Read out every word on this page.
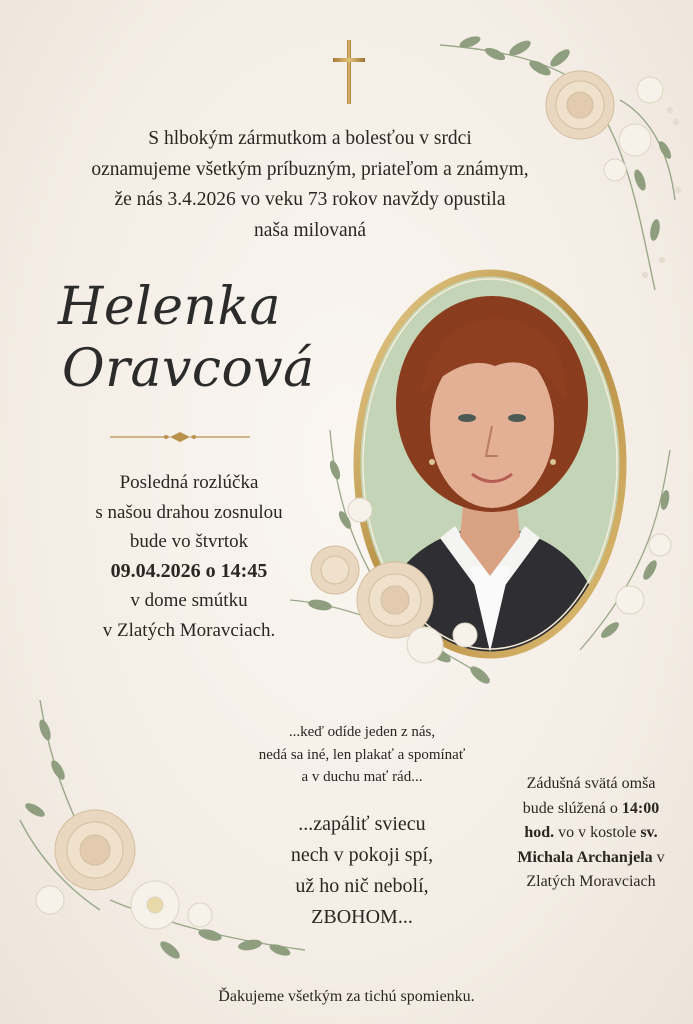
S hlbokým zármutkom a bolesťou v srdci
oznamujeme všetkým príbuzným, priateľom a známym,
že nás 3.4.2026 vo veku 73 rokov navždy opustila
naša milovaná
Helenka
Oravcová
Posledná rozlúčka
s našou drahou zosnulou
bude vo štvrtok
09.04.2026 o 14:45
v dome smútku
v Zlatých Moravciach.
...keď odíde jeden z nás,
nedá sa iné, len plakať a spomínať
a v duchu mať rád...
...zapáliť sviecu
nech v pokoji spí,
už ho nič nebolí,
ZBOHOM...
Zádušná svätá omša
bude slúžená o 14:00
hod. vo v kostole sv. Michala Archanjela v
Zlatých Moravciach
Ďakujeme všetkým za tichú spomienku.
